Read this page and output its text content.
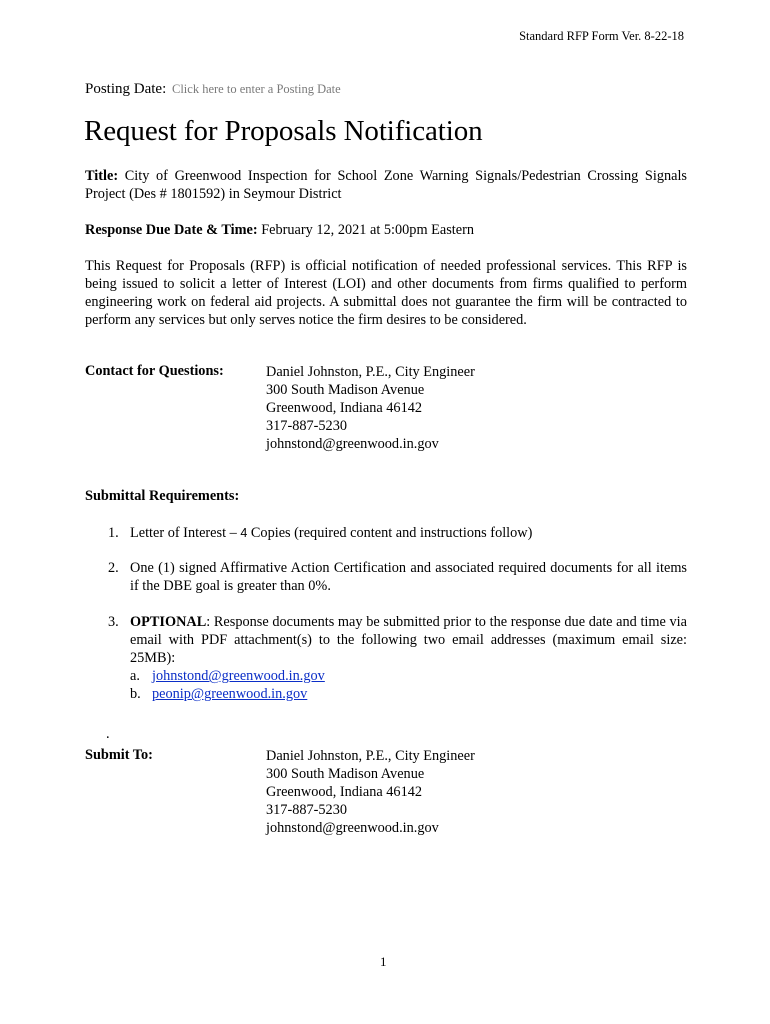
Standard RFP Form Ver. 8-22-18
Posting Date: Click here to enter a Posting Date
Request for Proposals Notification
Title: City of Greenwood Inspection for School Zone Warning Signals/Pedestrian Crossing Signals Project (Des # 1801592) in Seymour District
Response Due Date & Time: February 12, 2021 at 5:00pm Eastern
This Request for Proposals (RFP) is official notification of needed professional services. This RFP is being issued to solicit a letter of Interest (LOI) and other documents from firms qualified to perform engineering work on federal aid projects. A submittal does not guarantee the firm will be contracted to perform any services but only serves notice the firm desires to be considered.
Contact for Questions:	Daniel Johnston, P.E., City Engineer
300 South Madison Avenue
Greenwood, Indiana 46142
317-887-5230
johnstond@greenwood.in.gov
Submittal Requirements:
1. Letter of Interest – 4 Copies (required content and instructions follow)
2. One (1) signed Affirmative Action Certification and associated required documents for all items if the DBE goal is greater than 0%.
3. OPTIONAL: Response documents may be submitted prior to the response due date and time via email with PDF attachment(s) to the following two email addresses (maximum email size: 25MB):
a. johnstond@greenwood.in.gov
b. peonip@greenwood.in.gov
.
Submit To:	Daniel Johnston, P.E., City Engineer
300 South Madison Avenue
Greenwood, Indiana 46142
317-887-5230
johnstond@greenwood.in.gov
1
